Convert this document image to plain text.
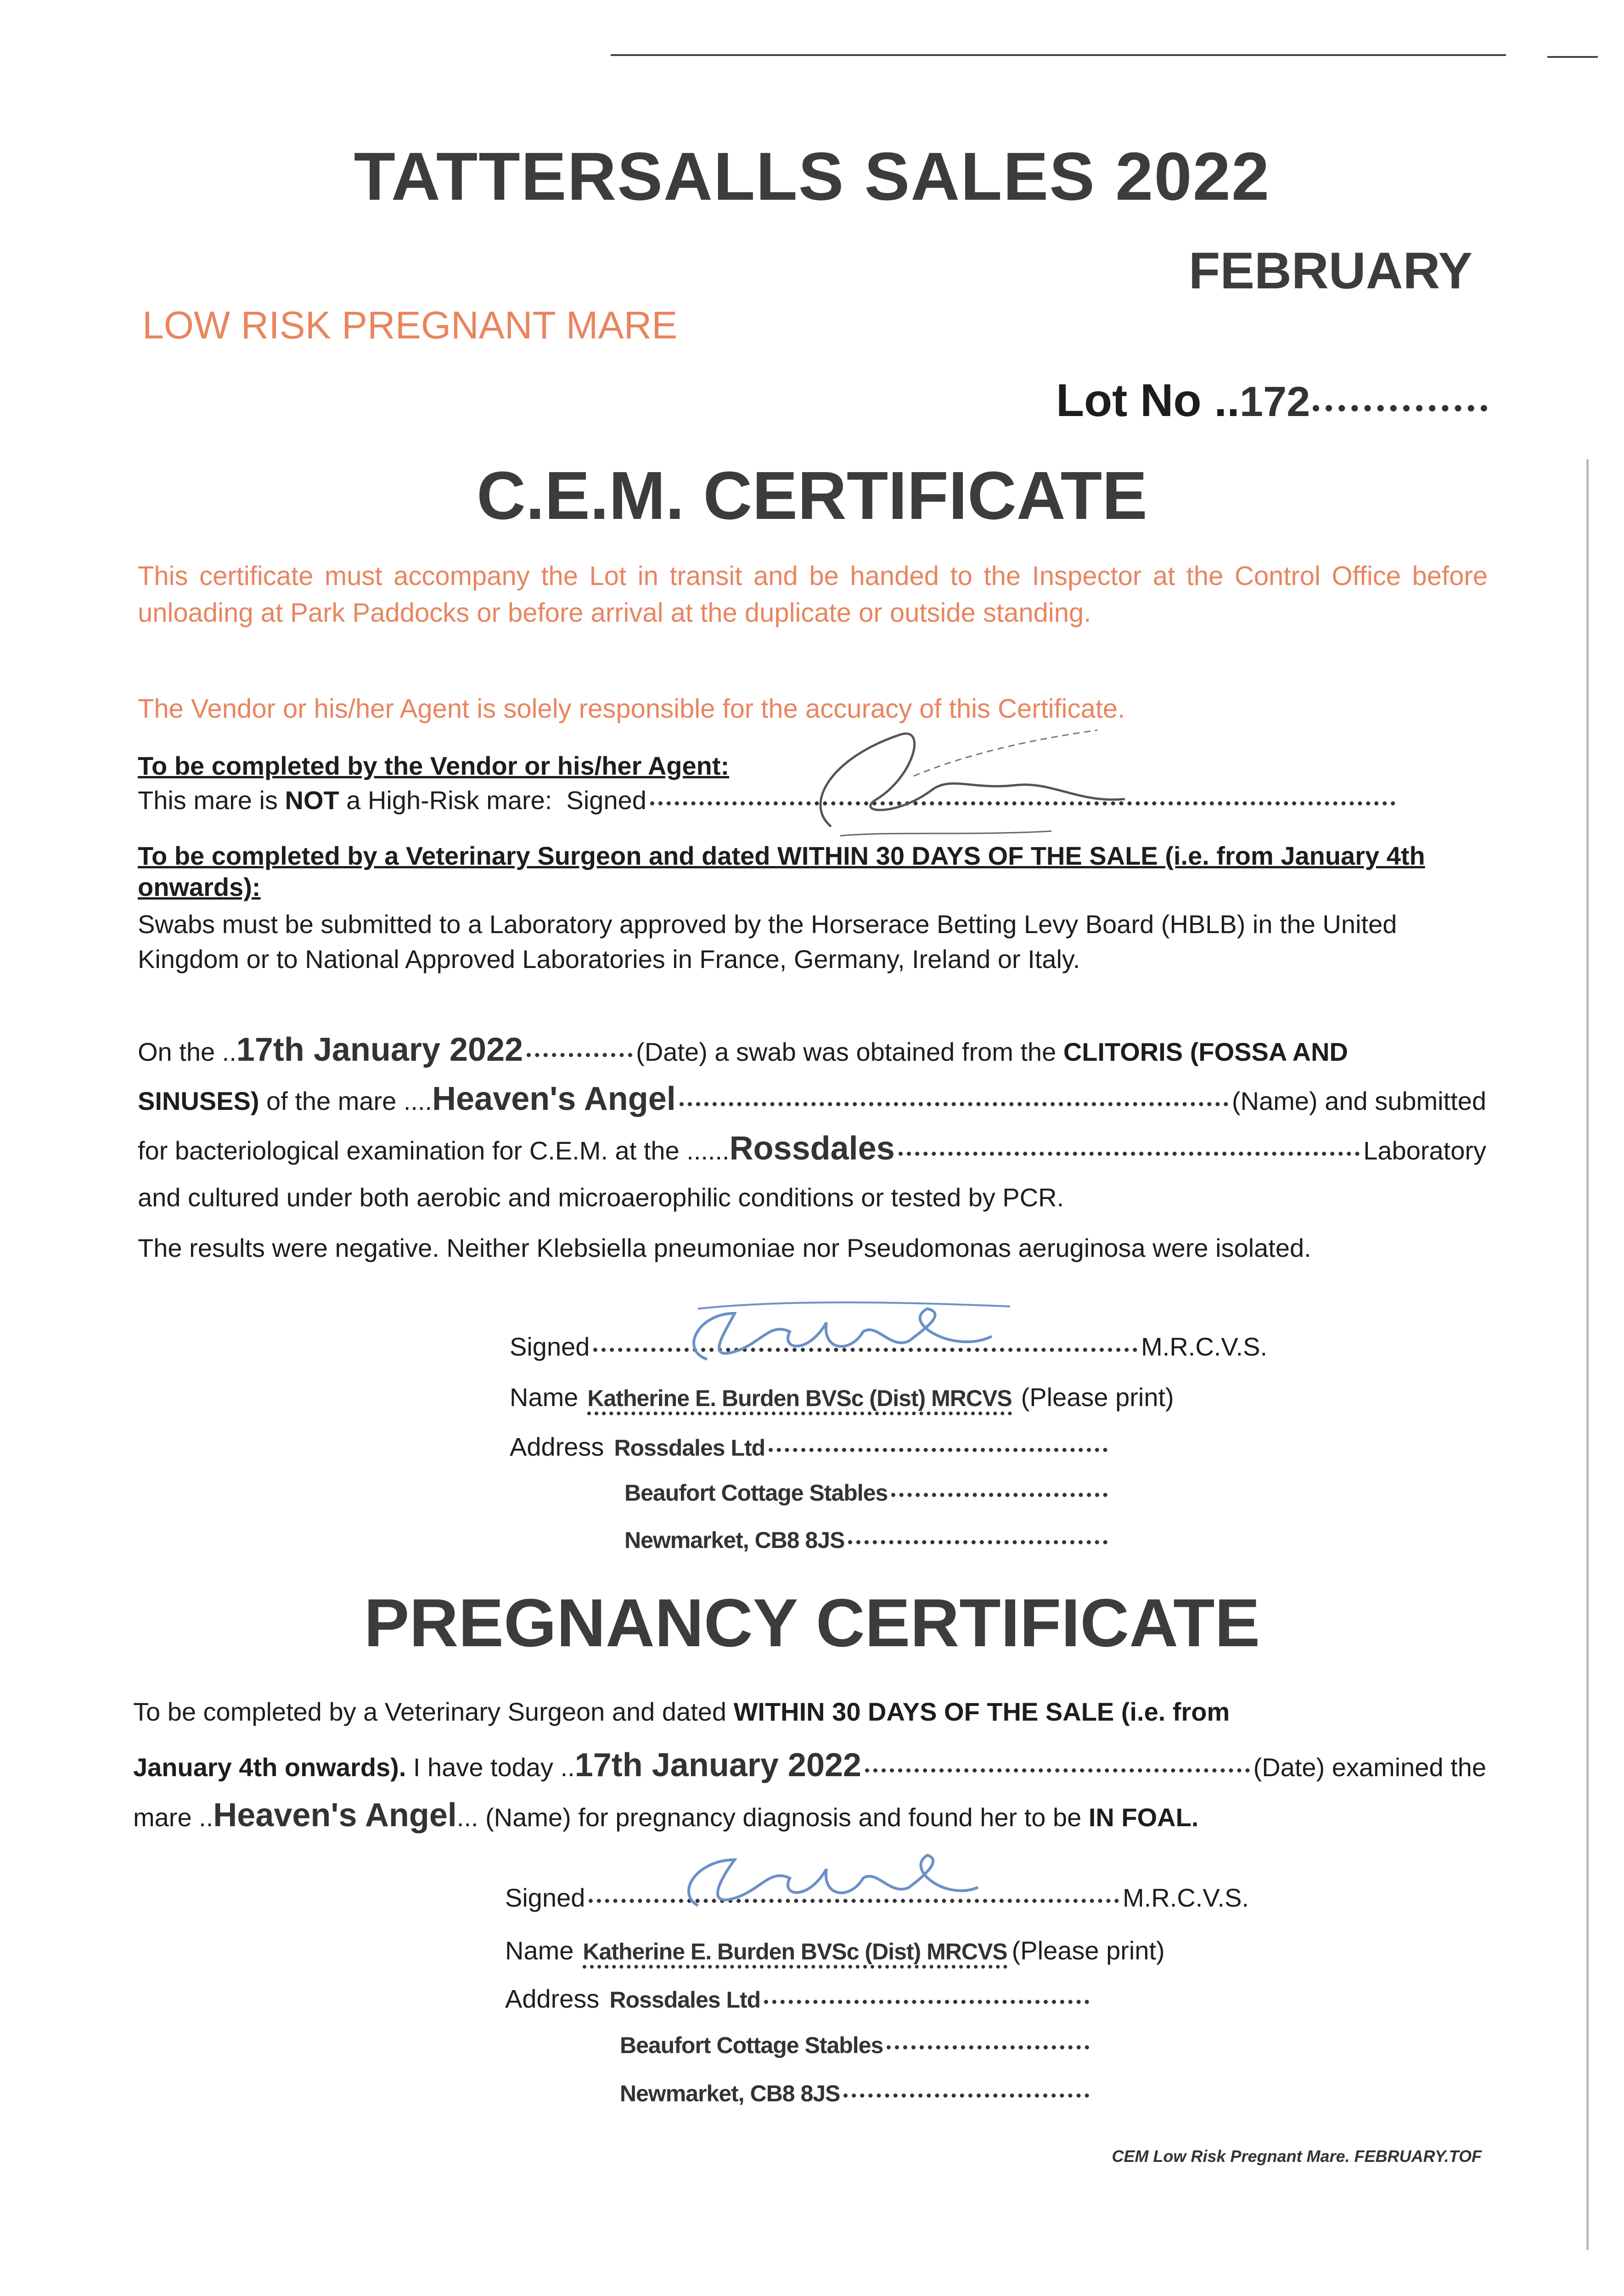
TATTERSALLS SALES 2022
FEBRUARY
LOW RISK PREGNANT MARE
Lot No .. 172
C.E.M. CERTIFICATE
This certificate must accompany the Lot in transit and be handed to the Inspector at the Control Office before unloading at Park Paddocks or before arrival at the duplicate or outside standing.
The Vendor or his/her Agent is solely responsible for the accuracy of this Certificate.
To be completed by the Vendor or his/her Agent:
This mare is NOT a High-Risk mare:  Signed
To be completed by a Veterinary Surgeon and dated WITHIN 30 DAYS OF THE SALE (i.e. from January 4th onwards):
Swabs must be submitted to a Laboratory approved by the Horserace Betting Levy Board (HBLB) in the United Kingdom or to National Approved Laboratories in France, Germany, Ireland or Italy.
On the .. 17th January 2022	(Date) a swab was obtained from the CLITORIS (FOSSA AND
SINUSES) of the mare .... Heaven's Angel	(Name) and submitted
for bacteriological examination for C.E.M. at the ...... Rossdales	Laboratory
and cultured under both aerobic and microaerophilic conditions or tested by PCR.
The results were negative. Neither Klebsiella pneumoniae nor Pseudomonas aeruginosa were isolated.
Signed	M.R.C.V.S.
Name Katherine E. Burden BVSc (Dist) MRCVS (Please print)
Address Rossdales Ltd
Beaufort Cottage Stables
Newmarket, CB8 8JS
PREGNANCY CERTIFICATE
To be completed by a Veterinary Surgeon and dated WITHIN 30 DAYS OF THE SALE (i.e. from
January 4th onwards). I have today .. 17th January 2022	(Date) examined the
mare .. Heaven's Angel ... (Name) for pregnancy diagnosis and found her to be IN FOAL.
Signed	M.R.C.V.S.
Name Katherine E. Burden BVSc (Dist) MRCVS (Please print)
Address Rossdales Ltd
Beaufort Cottage Stables
Newmarket, CB8 8JS
CEM Low Risk Pregnant Mare. FEBRUARY.TOF
